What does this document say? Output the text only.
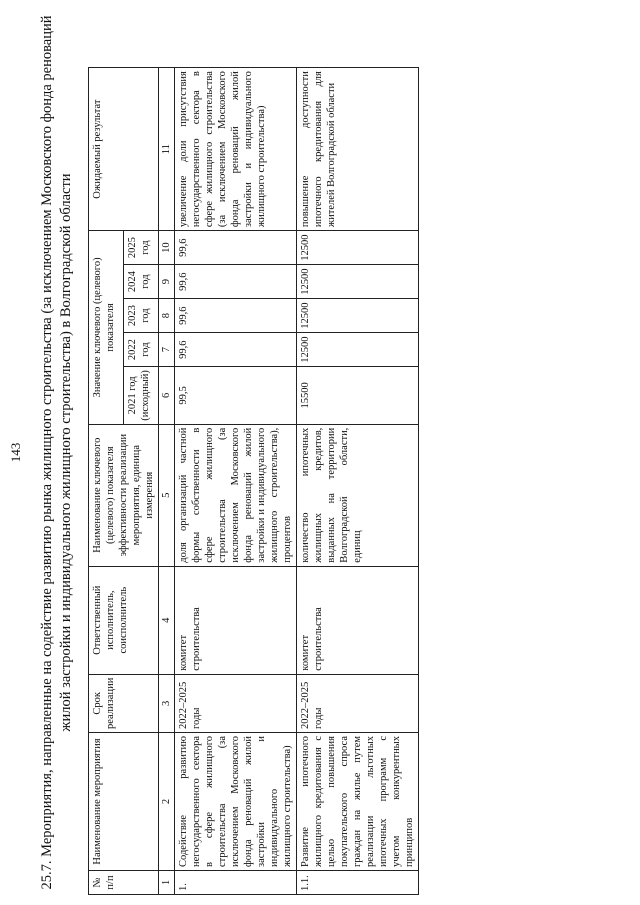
143 25.7. Мероприятия, направленные на содействие развитию рынка жилищного строительства (за исключением Московского фонда реноваций жилой застройки и индивидуального жилищного строительства) в Волгоградской области
№ п/п	Наименование мероприятия	Срок реализации	Ответственный исполнитель, соисполнитель	Наименование ключевого (целевого) показателя эффективности реализации мероприятия, единица измерения	Значение ключевого (целевого) показателя					Ожидаемый результат
					2021 год (исходный)	2022 год	2023 год	2024 год	2025 год	
1	2	3	4	5	6	7	8	9	10	11
1.	Содействие развитию негосударственного сектора в сфере жилищного строительства (за исключением Московского фонда реноваций жилой застройки и индивидуального жилищного строительства)	2022–2025 годы	комитет строительства	доля организаций частной формы собственности в сфере жилищного строительства (за исключением Московского фонда реноваций жилой застройки и индивидуального жилищного строительства), процентов	99,5	99,6	99,6	99,6	99,6	увеличение доли присутствия негосударственного сектора в сфере жилищного строительства (за исключением Московского фонда реноваций жилой застройки и индивидуального жилищного строительства)
1.1.	Развитие ипотечного жилищного кредитования с целью повышения покупательского спроса граждан на жилье путем реализации льготных ипотечных программ с учетом конкурентных принципов	2022–2025 годы	комитет строительства	количество ипотечных жилищных кредитов, выданных на территории Волгоградской области, единиц	15500	12500	12500	12500	12500	повышение доступности ипотечного кредитования для жителей Волгоградской области
